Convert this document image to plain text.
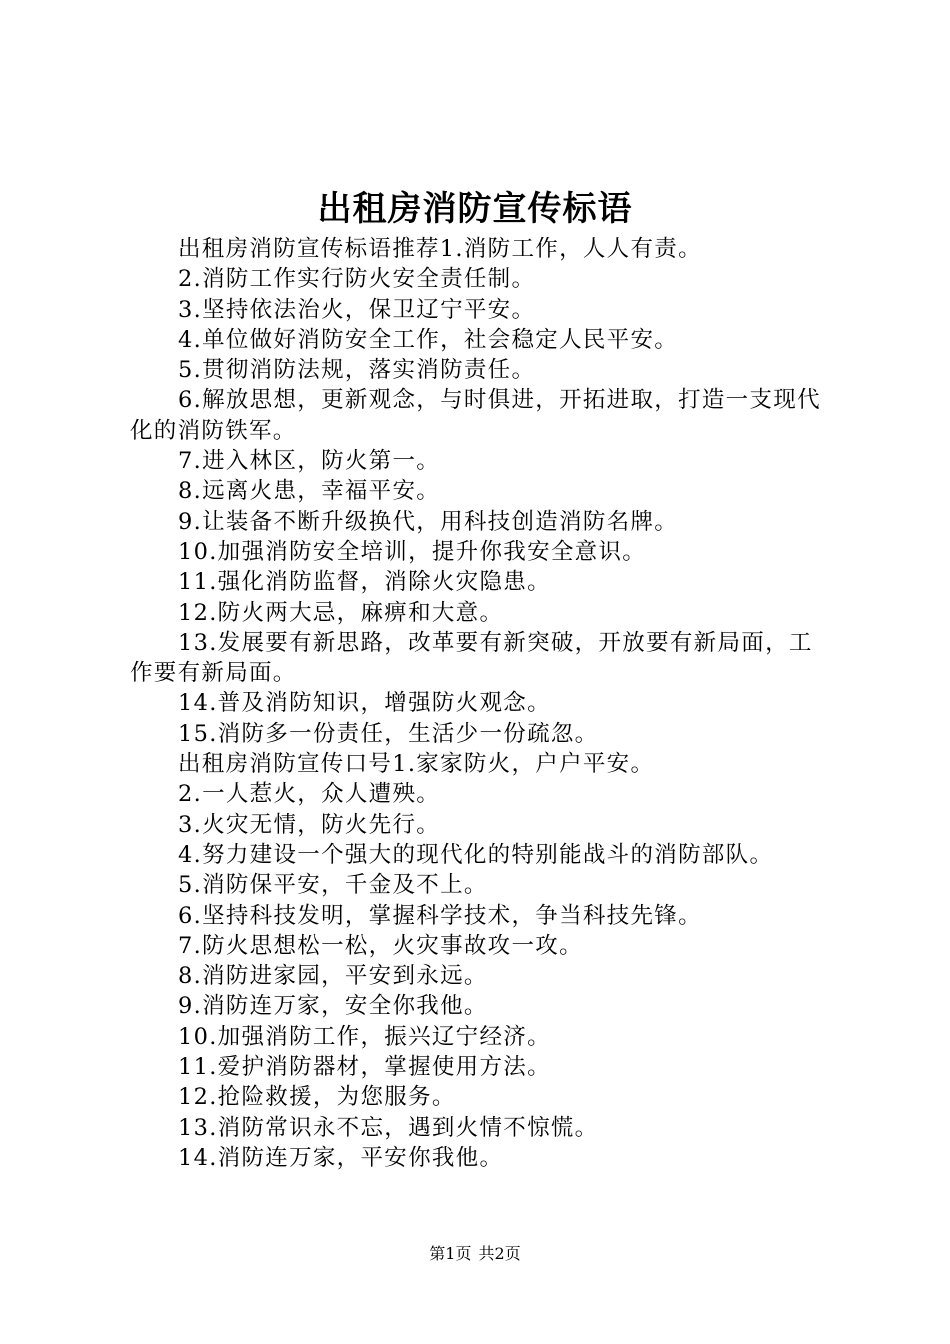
出租房消防宣传标语

出租房消防宣传标语推荐1.消防工作，人人有责。

2.消防工作实行防火安全责任制。

3.坚持依法治火，保卫辽宁平安。

4.单位做好消防安全工作，社会稳定人民平安。

5.贯彻消防法规，落实消防责任。

6.解放思想，更新观念，与时俱进，开拓进取，打造一支现代化的消防铁军。

7.进入林区，防火第一。

8.远离火患，幸福平安。

9.让装备不断升级换代，用科技创造消防名牌。

10.加强消防安全培训，提升你我安全意识。

11.强化消防监督，消除火灾隐患。

12.防火两大忌，麻痹和大意。

13.发展要有新思路，改革要有新突破，开放要有新局面，工作要有新局面。

14.普及消防知识，增强防火观念。

15.消防多一份责任，生活少一份疏忽。

出租房消防宣传口号1.家家防火，户户平安。

2.一人惹火，众人遭殃。

3.火灾无情，防火先行。

4.努力建设一个强大的现代化的特别能战斗的消防部队。

5.消防保平安，千金及不上。

6.坚持科技发明，掌握科学技术，争当科技先锋。

7.防火思想松一松，火灾事故攻一攻。

8.消防进家园，平安到永远。

9.消防连万家，安全你我他。

10.加强消防工作，振兴辽宁经济。

11.爱护消防器材，掌握使用方法。

12.抢险救援，为您服务。

13.消防常识永不忘，遇到火情不惊慌。

14.消防连万家，平安你我他。

第1页 共2页
